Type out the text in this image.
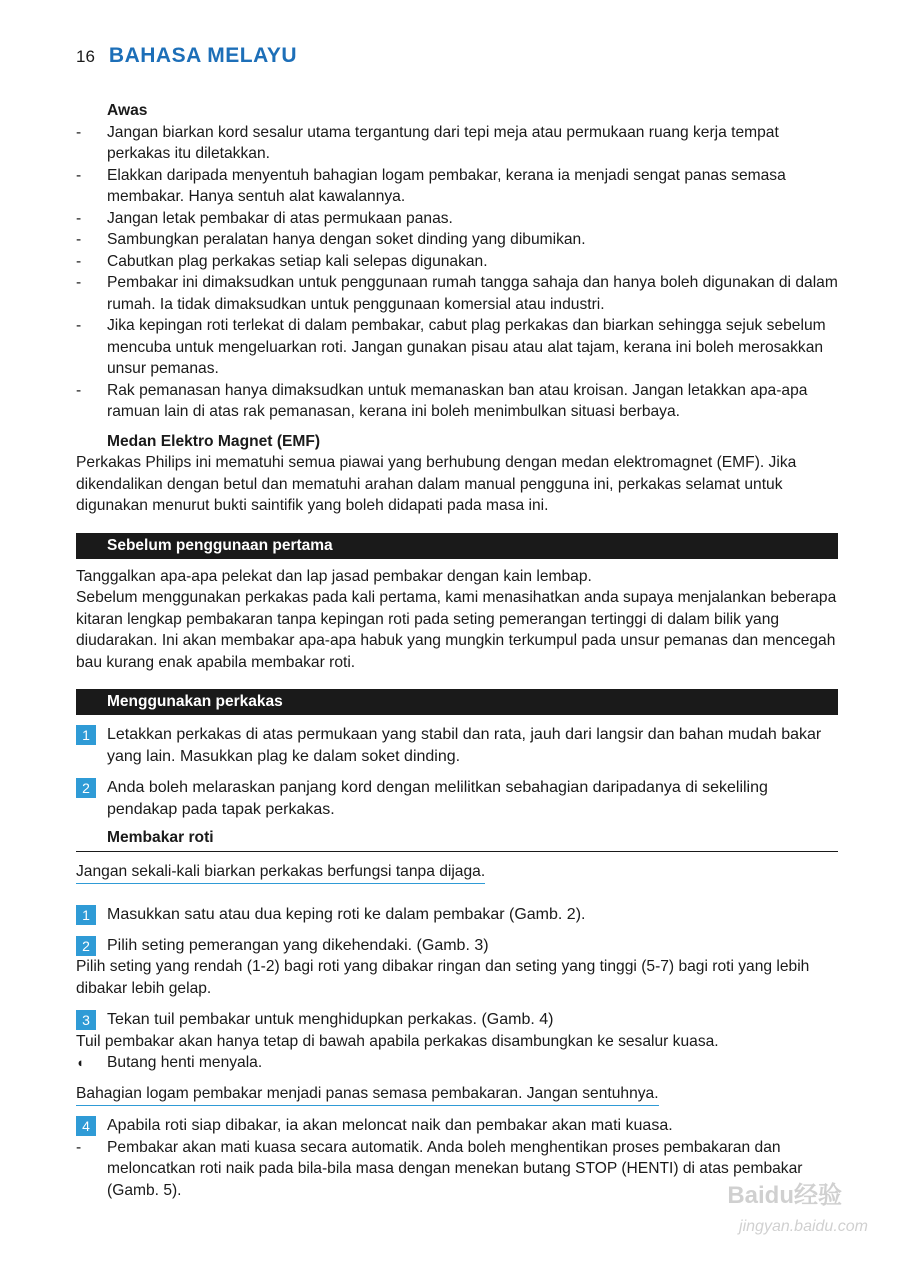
16 BAHASA MELAYU

Awas

-	Jangan biarkan kord sesalur utama tergantung dari tepi meja atau permukaan ruang kerja tempat perkakas itu diletakkan.
-	Elakkan daripada menyentuh bahagian logam pembakar, kerana ia menjadi sengat panas semasa membakar. Hanya sentuh alat kawalannya.
-	Jangan letak pembakar di atas permukaan panas.
-	Sambungkan peralatan hanya dengan soket dinding yang dibumikan.
-	Cabutkan plag perkakas setiap kali selepas digunakan.
-	Pembakar ini dimaksudkan untuk penggunaan rumah tangga sahaja dan hanya boleh digunakan di dalam rumah. Ia tidak dimaksudkan untuk penggunaan komersial atau industri.
-	Jika kepingan roti terlekat di dalam pembakar, cabut plag perkakas dan biarkan sehingga sejuk sebelum mencuba untuk mengeluarkan roti. Jangan gunakan pisau atau alat tajam, kerana ini boleh merosakkan unsur pemanas.
-	Rak pemanasan hanya dimaksudkan untuk memanaskan ban atau kroisan. Jangan letakkan apa-apa ramuan lain di atas rak pemanasan, kerana ini boleh menimbulkan situasi berbaya.

Medan Elektro Magnet (EMF)

Perkakas Philips ini mematuhi semua piawai yang berhubung dengan medan elektromagnet (EMF). Jika dikendalikan dengan betul dan mematuhi arahan dalam manual pengguna ini, perkakas selamat untuk digunakan menurut bukti saintifik yang boleh didapati pada masa ini.

Sebelum penggunaan pertama

Tanggalkan apa-apa pelekat dan lap jasad pembakar dengan kain lembap.

Sebelum menggunakan perkakas pada kali pertama, kami menasihatkan anda supaya menjalankan beberapa kitaran lengkap pembakaran tanpa kepingan roti pada seting pemerangan tertinggi di dalam bilik yang diudarakan. Ini akan membakar apa-apa habuk yang mungkin terkumpul pada unsur pemanas dan mencegah bau kurang enak apabila membakar roti.

Menggunakan perkakas
1	Letakkan perkakas di atas permukaan yang stabil dan rata, jauh dari langsir dan bahan mudah bakar yang lain. Masukkan plag ke dalam soket dinding.
2	Anda boleh melaraskan panjang kord dengan melilitkan sebahagian daripadanya di sekeliling pendakap pada tapak perkakas.

Membakar roti

Jangan sekali-kali biarkan perkakas berfungsi tanpa dijaga.

1	Masukkan satu atau dua keping roti ke dalam pembakar (Gamb. 2).
2	Pilih seting pemerangan yang dikehendaki. (Gamb. 3)

Pilih seting yang rendah (1-2) bagi roti yang dibakar ringan dan seting yang tinggi (5-7) bagi roti yang lebih dibakar lebih gelap.

3	Tekan tuil pembakar untuk menghidupkan perkakas. (Gamb. 4)

Tuil pembakar akan hanya tetap di bawah apabila perkakas disambungkan ke sesalur kuasa.

◖	Butang henti menyala.

Bahagian logam pembakar menjadi panas semasa pembakaran. Jangan sentuhnya.

4	Apabila roti siap dibakar, ia akan meloncat naik dan pembakar akan mati kuasa.
-	Pembakar akan mati kuasa secara automatik. Anda boleh menghentikan proses pembakaran dan meloncatkan roti naik pada bila-bila masa dengan menekan butang STOP (HENTI) di atas pembakar (Gamb. 5).	Baidu经验
jingyan.baidu.com
